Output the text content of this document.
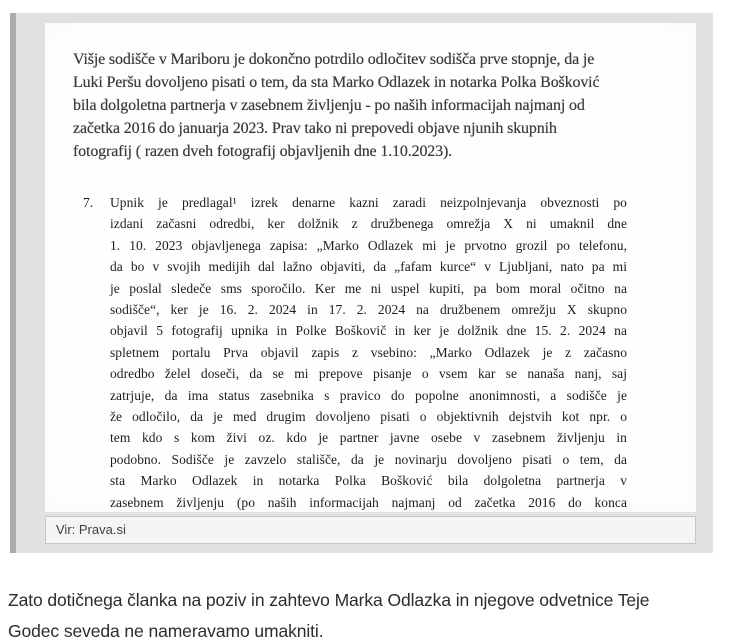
Višje sodišče v Mariboru je dokončno potrdilo odločitev sodišča prve stopnje, da je
Luki Peršu dovoljeno pisati o tem, da sta Marko Odlazek in notarka Polka Bošković
bila dolgoletna partnerja v zasebnem življenju - po naših informacijah najmanj od
začetka 2016 do januarja 2023. Prav tako ni prepovedi objave njunih skupnih
fotografij ( razen dveh fotografij objavljenih dne 1.10.2023).
7.	Upnik je predlagal¹ izrek denarne kazni zaradi neizpolnjevanja obveznosti po
izdani začasni odredbi, ker dolžnik z družbenega omrežja X ni umaknil dne
1. 10. 2023 objavljenega zapisa: „Marko Odlazek mi je prvotno grozil po telefonu,
da bo v svojih medijih dal lažno objaviti, da „fafam kurce“ v Ljubljani, nato pa mi
je poslal sledeče sms sporočilo. Ker me ni uspel kupiti, pa bom moral očitno na
sodišče“, ker je 16. 2. 2024 in 17. 2. 2024 na družbenem omrežju X skupno
objavil 5 fotografij upnika in Polke Boškovič in ker je dolžnik dne 15. 2. 2024 na
spletnem portalu Prva objavil zapis z vsebino: „Marko Odlazek je z začasno
odredbo želel doseči, da se mi prepove pisanje o vsem kar se nanaša nanj, saj
zatrjuje, da ima status zasebnika s pravico do popolne anonimnosti, a sodišče je
že odločilo, da je med drugim dovoljeno pisati o objektivnih dejstvih kot npr. o
tem kdo s kom živi oz. kdo je partner javne osebe v zasebnem življenju in
podobno. Sodišče je zavzelo stališče, da je novinarju dovoljeno pisati o tem, da
sta Marko Odlazek in notarka Polka Bošković bila dolgoletna partnerja v
zasebnem življenju (po naših informacijah najmanj od začetka 2016 do konca
Vir: Prava.si

Zato dotičnega članka na poziv in zahtevo Marka Odlazka in njegove odvetnice Teje Godec seveda ne nameravamo umakniti.
